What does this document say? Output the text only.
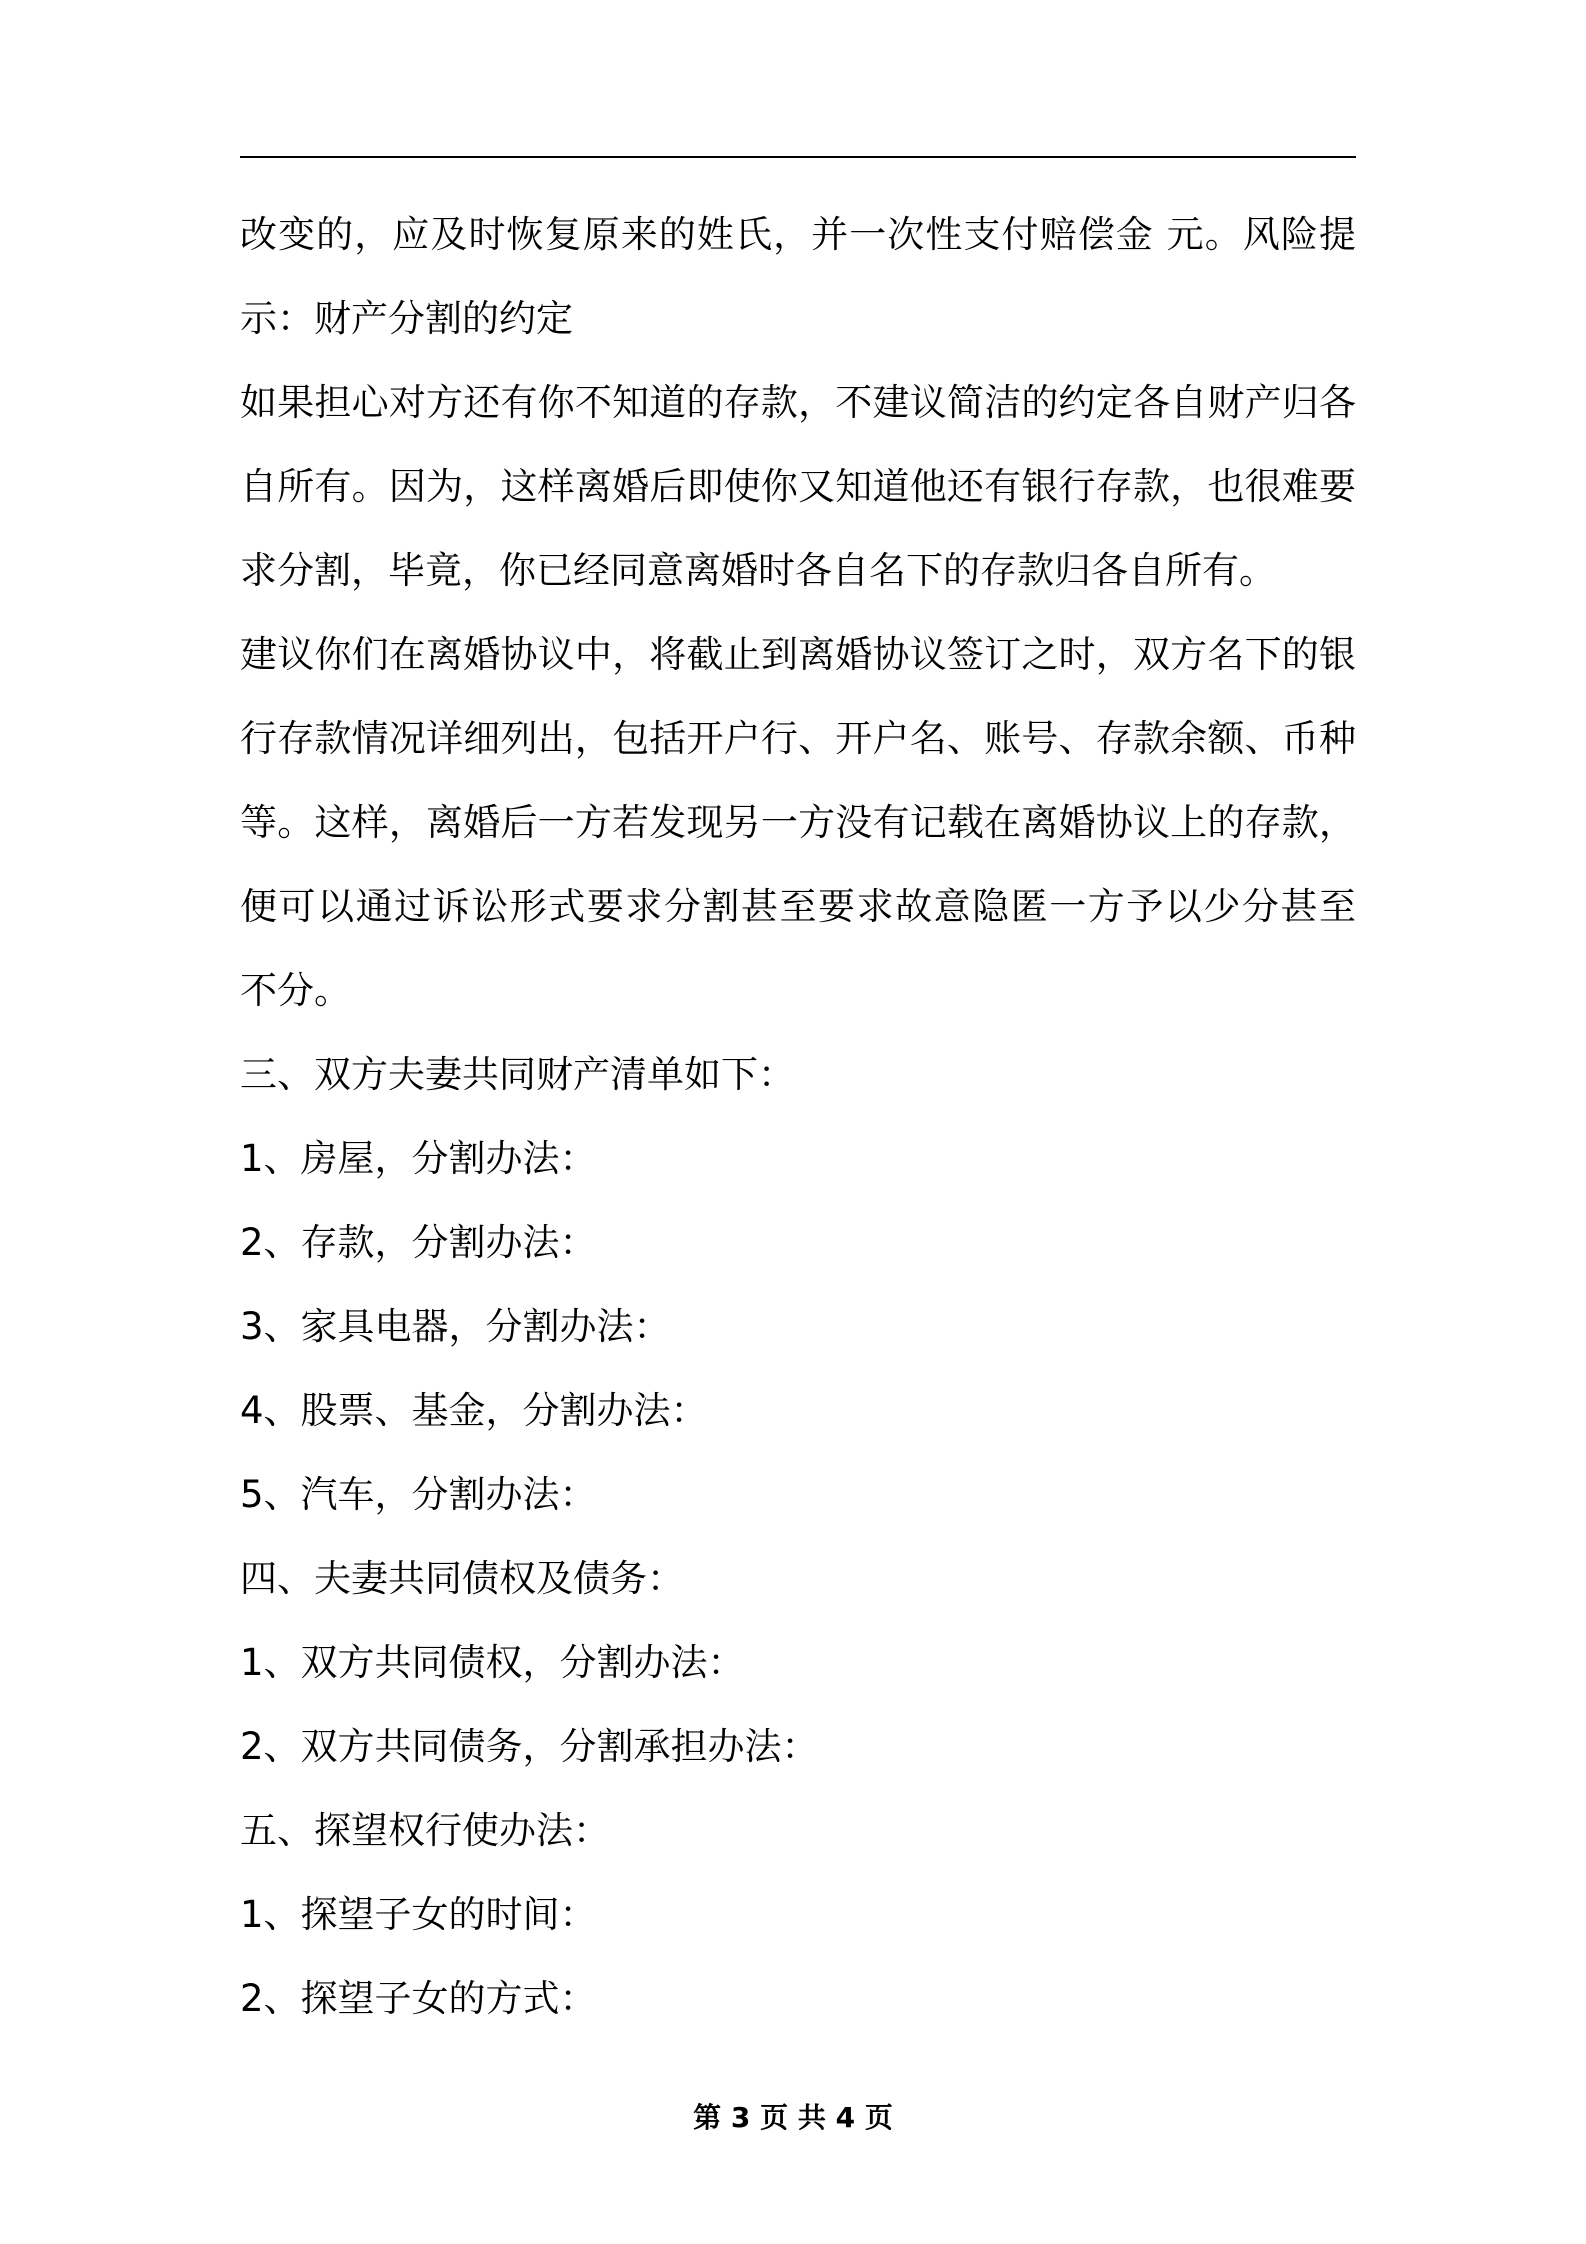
改变的，应及时恢复原来的姓氏，并一次性支付赔偿金 元。风险提
示：财产分割的约定
如果担心对方还有你不知道的存款，不建议简洁的约定各自财产归各
自所有。因为，这样离婚后即使你又知道他还有银行存款，也很难要
求分割，毕竟，你已经同意离婚时各自名下的存款归各自所有。
建议你们在离婚协议中，将截止到离婚协议签订之时，双方名下的银
行存款情况详细列出，包括开户行、开户名、账号、存款余额、币种
等。这样，离婚后一方若发现另一方没有记载在离婚协议上的存款，
便可以通过诉讼形式要求分割甚至要求故意隐匿一方予以少分甚至
不分。
三、双方夫妻共同财产清单如下：
1、房屋，分割办法：
2、存款，分割办法：
3、家具电器，分割办法：
4、股票、基金，分割办法：
5、汽车，分割办法：
四、夫妻共同债权及债务：
1、双方共同债权，分割办法：
2、双方共同债务，分割承担办法：
五、探望权行使办法：
1、探望子女的时间：
2、探望子女的方式：
第 3 页 共 4 页
